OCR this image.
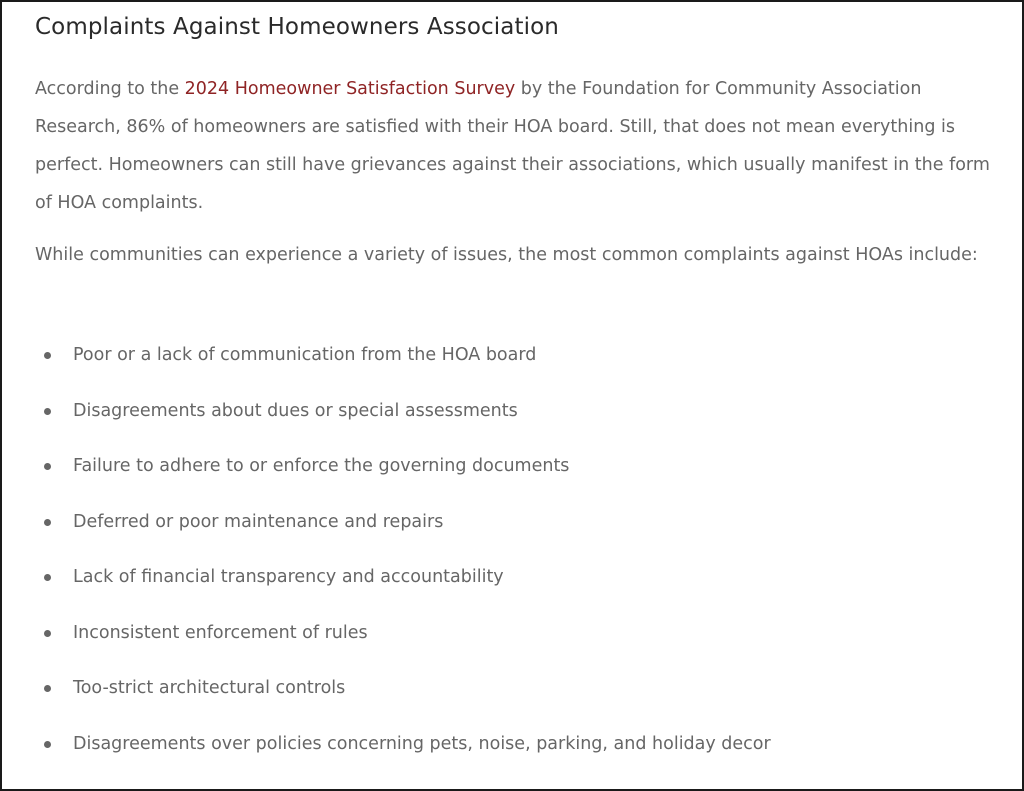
Complaints Against Homeowners Association

According to the 2024 Homeowner Satisfaction Survey by the Foundation for Community Association Research, 86% of homeowners are satisfied with their HOA board. Still, that does not mean everything is perfect. Homeowners can still have grievances against their associations, which usually manifest in the form of HOA complaints.

While communities can experience a variety of issues, the most common complaints against HOAs include:

Poor or a lack of communication from the HOA board
Disagreements about dues or special assessments
Failure to adhere to or enforce the governing documents
Deferred or poor maintenance and repairs
Lack of financial transparency and accountability
Inconsistent enforcement of rules
Too-strict architectural controls
Disagreements over policies concerning pets, noise, parking, and holiday decor
